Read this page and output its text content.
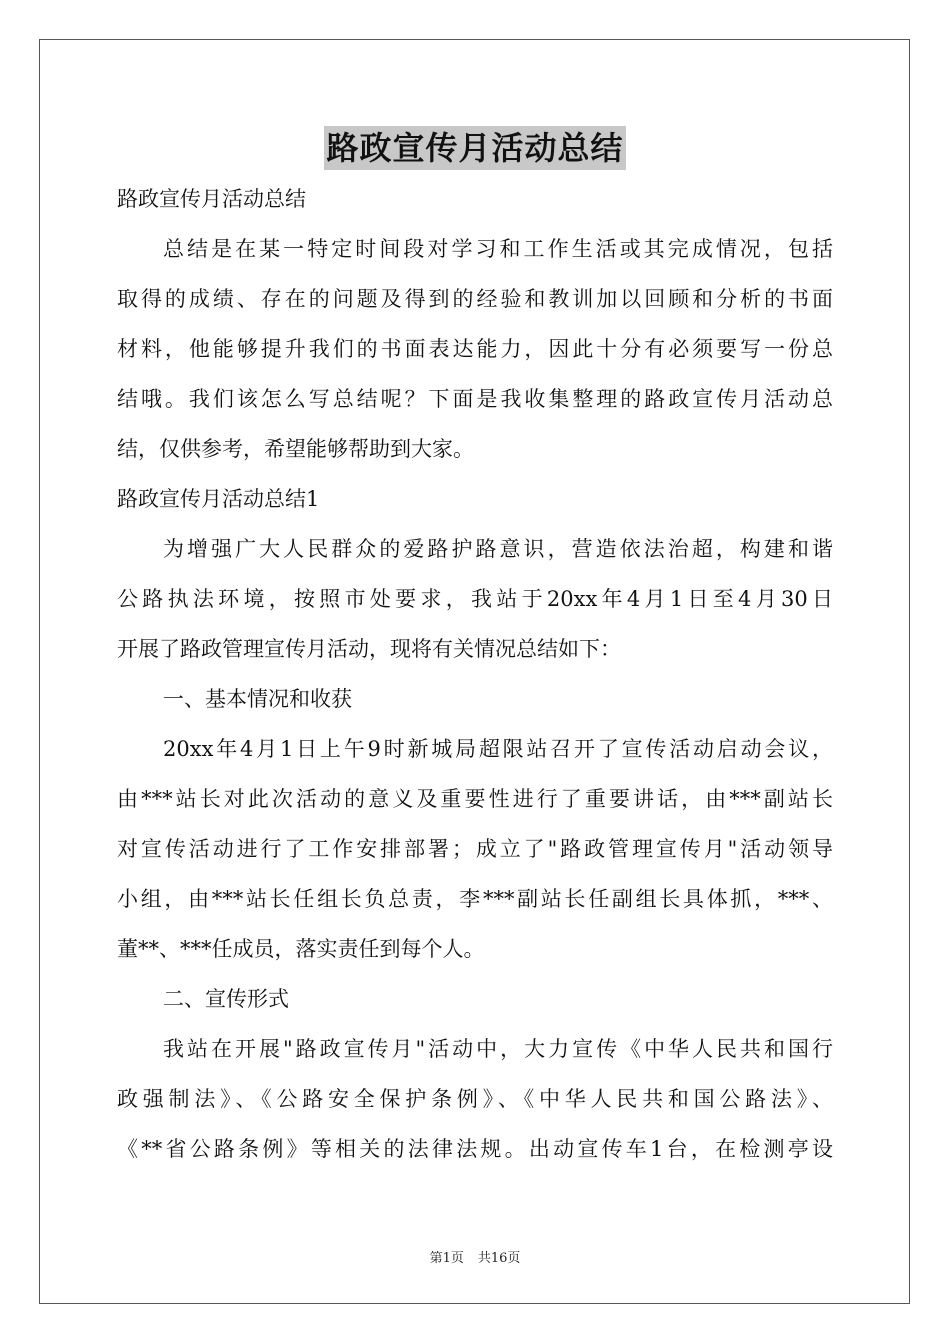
路政宣传月活动总结
路政宣传月活动总结
总结是在某一特定时间段对学习和工作生活或其完成情况，包括
取得的成绩、存在的问题及得到的经验和教训加以回顾和分析的书面
材料，他能够提升我们的书面表达能力，因此十分有必须要写一份总
结哦。我们该怎么写总结呢？下面是我收集整理的路政宣传月活动总
结，仅供参考，希望能够帮助到大家。
路政宣传月活动总结1
为增强广大人民群众的爱路护路意识，营造依法治超，构建和谐
公路执法环境，按照市处要求，我站于20xx年4月1日至4月30日
开展了路政管理宣传月活动，现将有关情况总结如下：
一、基本情况和收获
20xx年4月1日上午9时新城局超限站召开了宣传活动启动会议，
由***站长对此次活动的意义及重要性进行了重要讲话，由***副站长
对宣传活动进行了工作安排部署；成立了"路政管理宣传月"活动领导
小组，由***站长任组长负总责，李***副站长任副组长具体抓，***、
董**、***任成员，落实责任到每个人。
二、宣传形式
我站在开展"路政宣传月"活动中，大力宣传《中华人民共和国行
政强制法》、《公路安全保护条例》、《中华人民共和国公路法》、
《**省公路条例》等相关的法律法规。出动宣传车1台，在检测亭设
第1页 共16页
